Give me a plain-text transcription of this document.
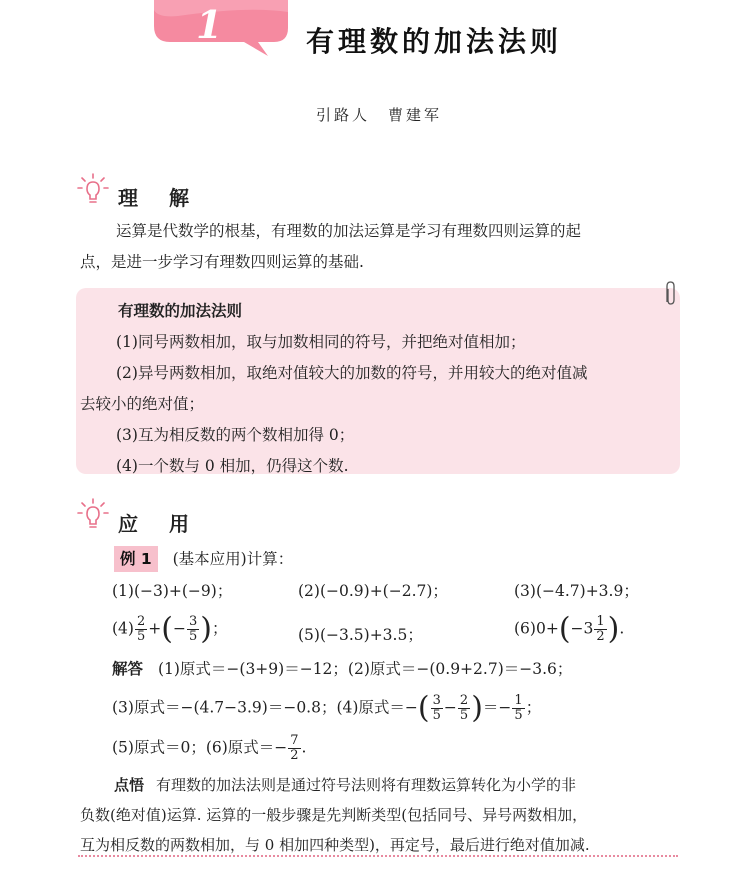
1	有理数的加法法则
引路人　曹建军
理 解

运算是代数学的根基，有理数的加法运算是学习有理数四则运算的起

点，是进一步学习有理数四则运算的基础.

有理数的加法法则
(1)同号两数相加，取与加数相同的符号，并把绝对值相加；
(2)异号两数相加，取绝对值较大的加数的符号，并用较大的绝对值减
去较小的绝对值；
(3)互为相反数的两个数相加得 0；
(4)一个数与 0 相加，仍得这个数.
应 用
例 1 (基本应用)计算：
(1)(−3)+(−9)；	(2)(−0.9)+(−2.7)；	(3)(−4.7)+3.9；
$(4) \frac{2}{5}$ +(− $\frac{3}{5}$ )；	(5)(−3.5)+3.5；	$(6)0+(-3 \frac{1}{2}$ ).
解答 (1)原式＝−(3+9)＝−12；(2)原式＝−(0.9+2.7)＝−3.6；
(3)原式＝−(4.7−3.9)＝−0.8；(4)原式＝−( $\frac{3}{5} - \frac{2}{5}$ )＝− $\frac{1}{5}$ ；
(5)原式＝0；(6)原式＝− $\frac{7}{2}$ .
点悟 有理数的加法法则是通过符号法则将有理数运算转化为小学的非
负数(绝对值)运算. 运算的一般步骤是先判断类型(包括同号、异号两数相加，
互为相反数的两数相加，与 0 相加四种类型)，再定号，最后进行绝对值加减.
